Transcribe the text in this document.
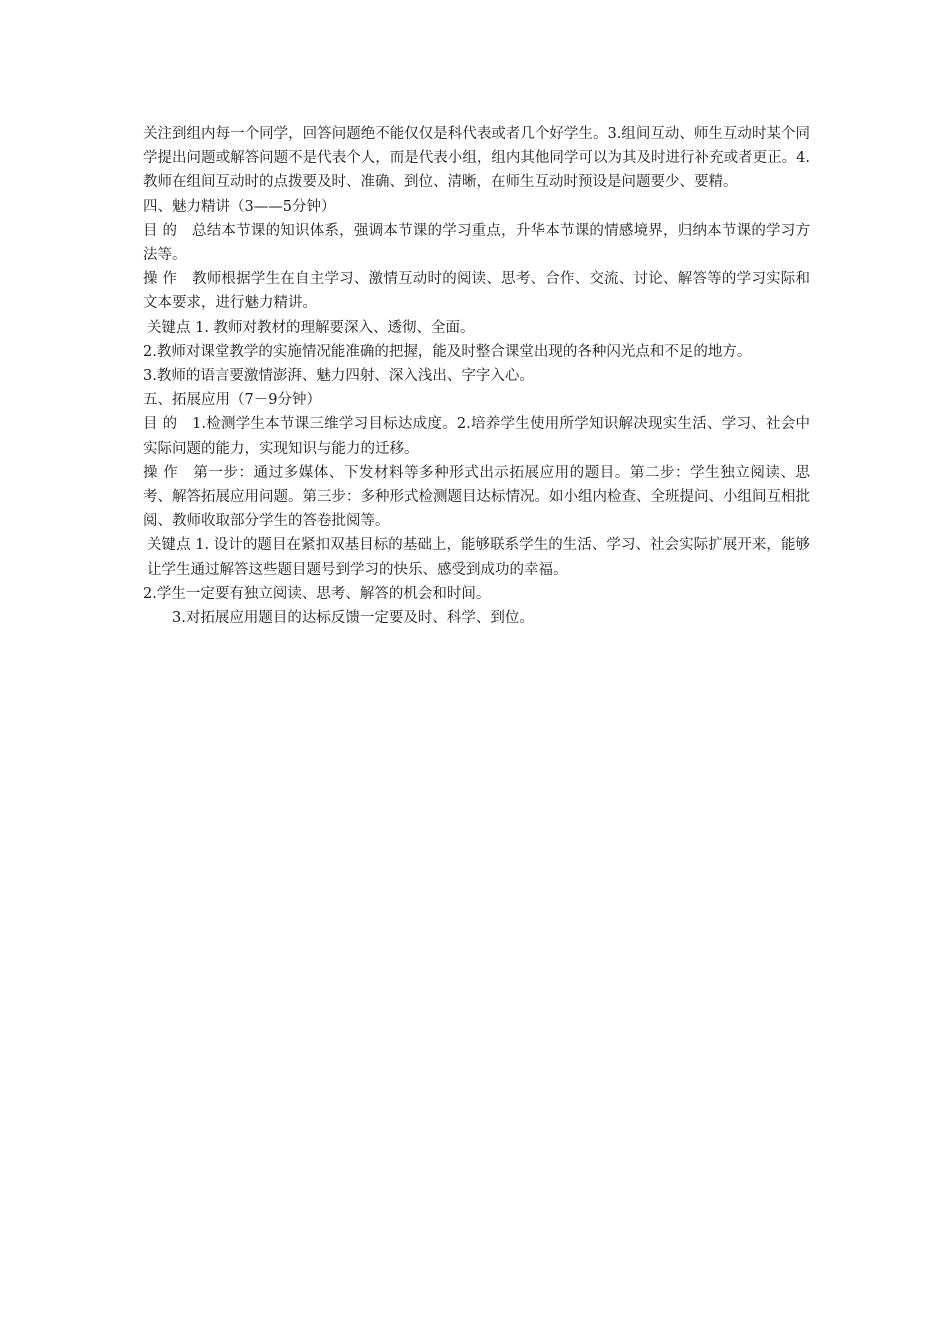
关注到组内每一个同学，回答问题绝不能仅仅是科代表或者几个好学生。3.组间互动、师生互动时某个同学提出问题或解答问题不是代表个人，而是代表小组，组内其他同学可以为其及时进行补充或者更正。4.教师在组间互动时的点拨要及时、准确、到位、清晰，在师生互动时预设是问题要少、要精。

四、魅力精讲（3——5分钟）

目 的　总结本节课的知识体系，强调本节课的学习重点，升华本节课的情感境界，归纳本节课的学习方法等。

操 作　教师根据学生在自主学习、激情互动时的阅读、思考、合作、交流、讨论、解答等的学习实际和文本要求，进行魅力精讲。

关键点 1. 教师对教材的理解要深入、透彻、全面。

2.教师对课堂教学的实施情况能准确的把握，能及时整合课堂出现的各种闪光点和不足的地方。

3.教师的语言要激情澎湃、魅力四射、深入浅出、字字入心。

五、拓展应用（7－9分钟）

目 的　1.检测学生本节课三维学习目标达成度。2.培养学生使用所学知识解决现实生活、学习、社会中实际问题的能力，实现知识与能力的迁移。

操 作　第一步：通过多媒体、下发材料等多种形式出示拓展应用的题目。第二步：学生独立阅读、思考、解答拓展应用问题。第三步：多种形式检测题目达标情况。如小组内检查、全班提问、小组间互相批阅、教师收取部分学生的答卷批阅等。

关键点 1. 设计的题目在紧扣双基目标的基础上，能够联系学生的生活、学习、社会实际扩展开来，能够让学生通过解答这些题目题号到学习的快乐、感受到成功的幸福。

2.学生一定要有独立阅读、思考、解答的机会和时间。

3.对拓展应用题目的达标反馈一定要及时、科学、到位。
